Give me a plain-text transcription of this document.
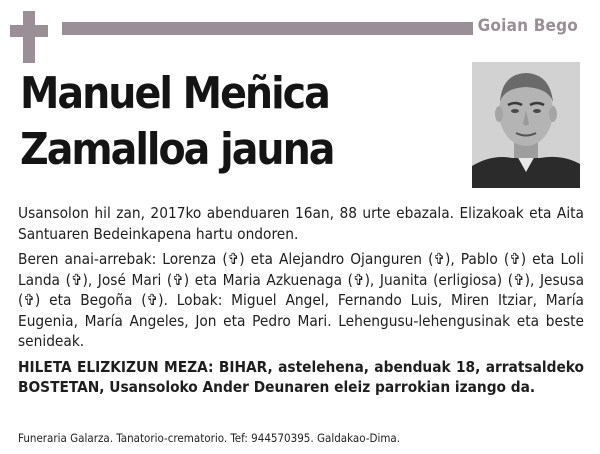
Goian Bego
Manuel Meñica
Zamalloa jauna

Usansolon hil zan, 2017ko abenduaren 16an, 88 urte ebazala. Elizakoak eta Aita Santuaren Bedeinkapena hartu ondoren.

Beren anai-arrebak: Lorenza (✞) eta Alejandro Ojanguren (✞), Pablo (✞) eta Loli Landa (✞), José Mari (✞) eta Maria Azkuenaga (✞), Juanita (erligiosa) (✞), Jesusa (✞) eta Begoña (✞). Lobak: Miguel Angel, Fernando Luis, Miren Itziar, María Eugenia, María Angeles, Jon eta Pedro Mari. Lehengusu-lehengusinak eta beste senideak.

HILETA ELIZKIZUN MEZA: BIHAR, astelehena, abenduak 18, arratsaldeko BOSTETAN, Usansoloko Ander Deunaren eleiz parrokian izango da.

Funeraria Galarza. Tanatorio-crematorio. Tef: 944570395. Galdakao-Dima.
